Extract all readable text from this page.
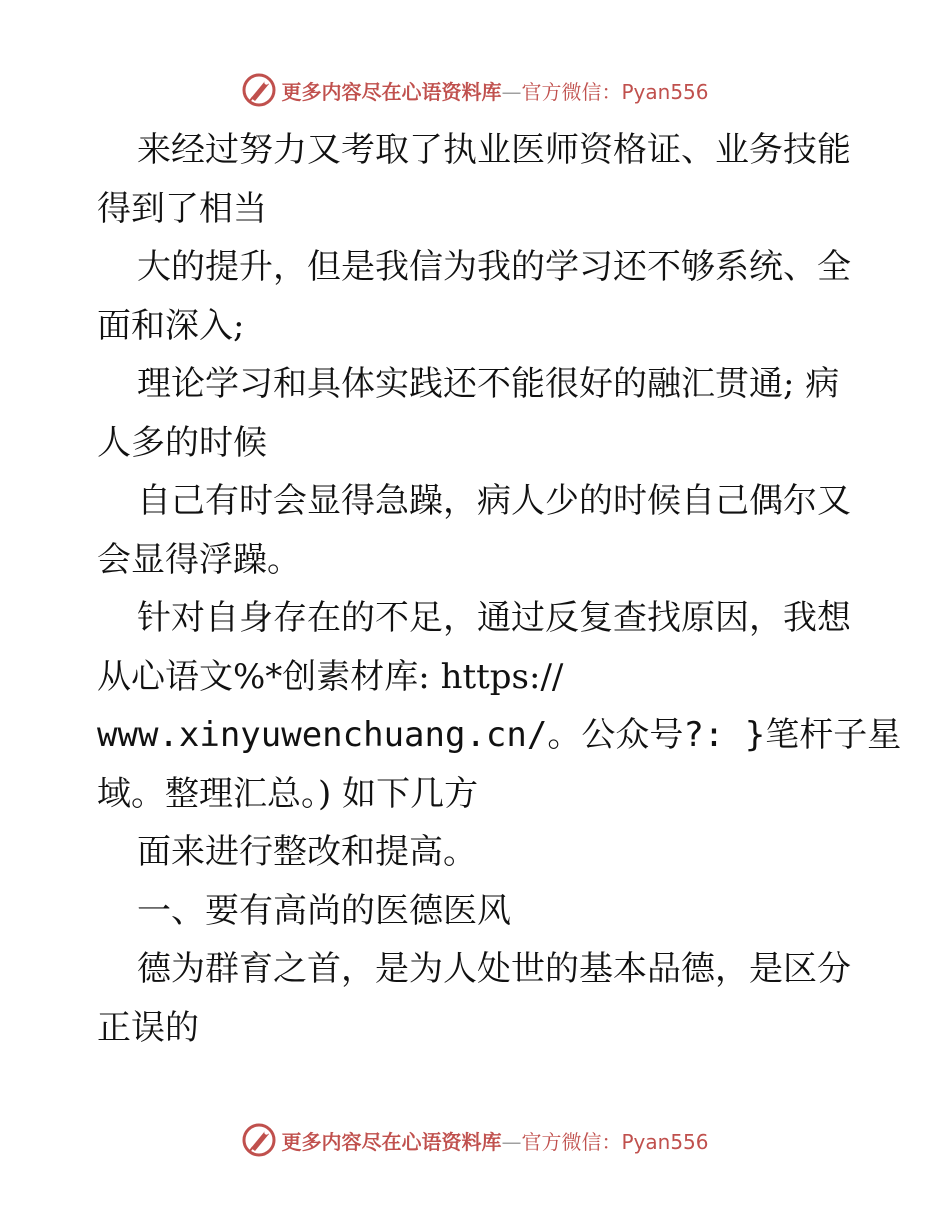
更多内容尽在心语资料库—官方微信：Pyan556

来经过努力又考取了执业医师资格证、业务技能
得到了相当

大的提升，但是我信为我的学习还不够系统、全
面和深入;

理论学习和具体实践还不能很好的融汇贯通; 病
人多的时候

自己有时会显得急躁，病人少的时候自己偶尔又
会显得浮躁。

针对自身存在的不足，通过反复查找原因，我想
从心语文%*创素材库: https://
www.xinyuwenchuang.cn/。公众号?: }笔杆子星
域。整理汇总。) 如下几方

面来进行整改和提高。

一、要有高尚的医德医风

德为群育之首，是为人处世的基本品德，是区分
正误的

更多内容尽在心语资料库—官方微信：Pyan556
